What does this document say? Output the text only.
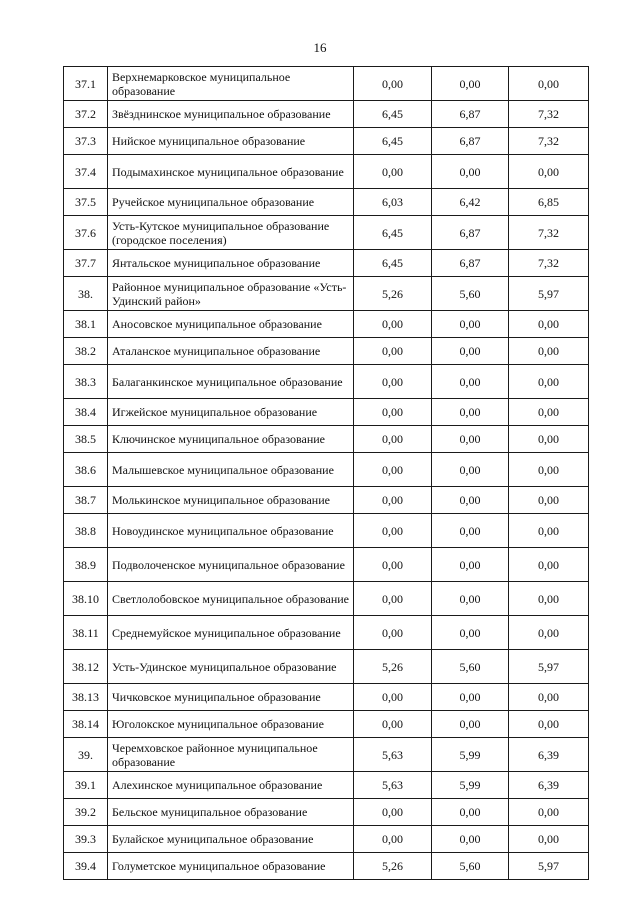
16
37.1	Верхнемарковское муниципальное образование	0,00	0,00	0,00
37.2	Звёзднинское муниципальное образование	6,45	6,87	7,32
37.3	Нийское муниципальное образование	6,45	6,87	7,32
37.4	Подымахинское муниципальное образование	0,00	0,00	0,00
37.5	Ручейское муниципальное образование	6,03	6,42	6,85
37.6	Усть-Кутское муниципальное образование (городское поселения)	6,45	6,87	7,32
37.7	Янтальское муниципальное образование	6,45	6,87	7,32
38.	Районное муниципальное образование «Усть-Удинский район»	5,26	5,60	5,97
38.1	Аносовское муниципальное образование	0,00	0,00	0,00
38.2	Аталанское муниципальное образование	0,00	0,00	0,00
38.3	Балаганкинское муниципальное образование	0,00	0,00	0,00
38.4	Игжейское муниципальное образование	0,00	0,00	0,00
38.5	Ключинское муниципальное образование	0,00	0,00	0,00
38.6	Малышевское муниципальное образование	0,00	0,00	0,00
38.7	Молькинское муниципальное образование	0,00	0,00	0,00
38.8	Новоудинское муниципальное образование	0,00	0,00	0,00
38.9	Подволоченское муниципальное образование	0,00	0,00	0,00
38.10	Светлолобовское муниципальное образование	0,00	0,00	0,00
38.11	Среднемуйское муниципальное образование	0,00	0,00	0,00
38.12	Усть-Удинское муниципальное образование	5,26	5,60	5,97
38.13	Чичковское муниципальное образование	0,00	0,00	0,00
38.14	Юголокское муниципальное образование	0,00	0,00	0,00
39.	Черемховское районное муниципальное образование	5,63	5,99	6,39
39.1	Алехинское муниципальное образование	5,63	5,99	6,39
39.2	Бельское муниципальное образование	0,00	0,00	0,00
39.3	Булайское муниципальное образование	0,00	0,00	0,00
39.4	Голуметское муниципальное образование	5,26	5,60	5,97
